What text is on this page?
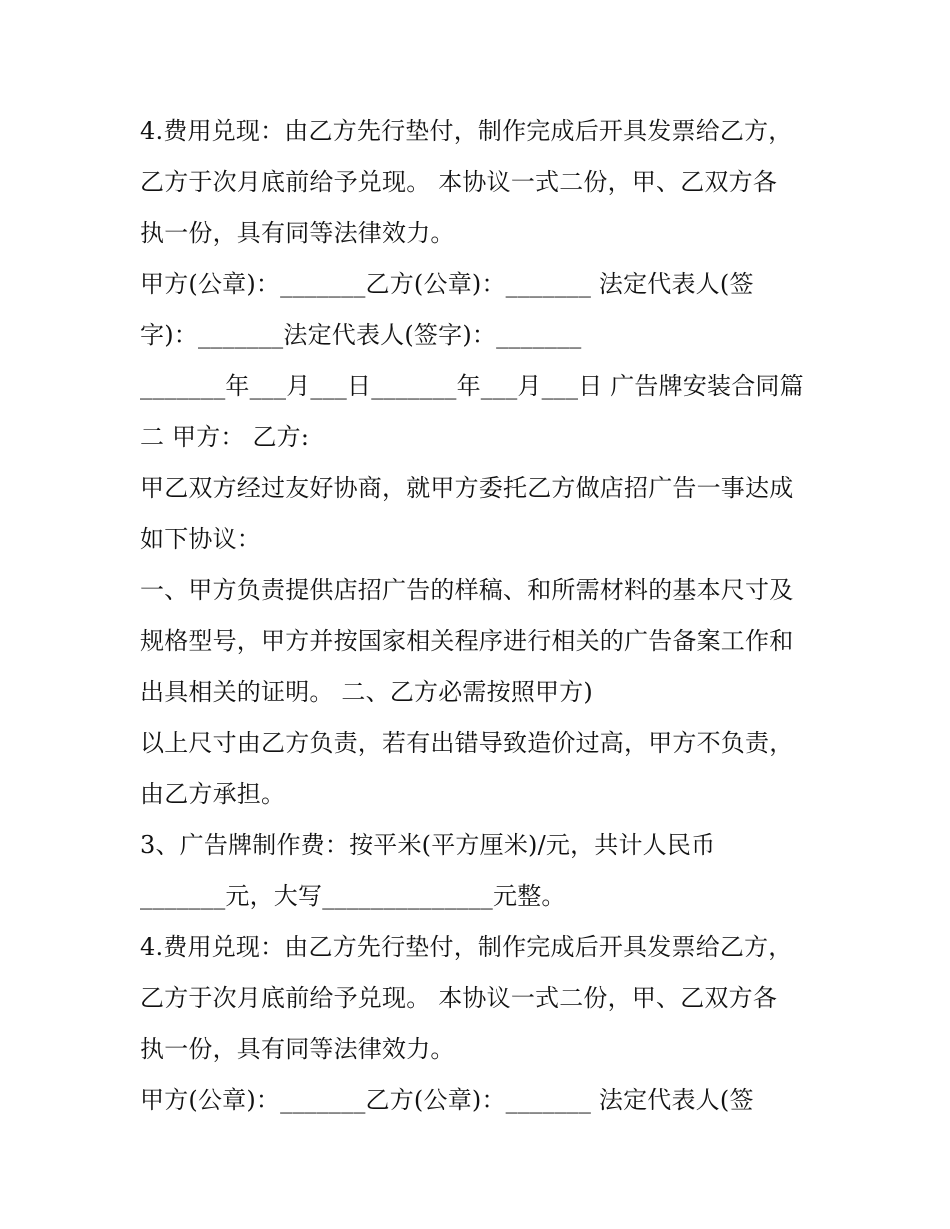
4.费用兑现：由乙方先行垫付，制作完成后开具发票给乙方，
乙方于次月底前给予兑现。 本协议一式二份，甲、乙双方各
执一份，具有同等法律效力。
甲方(公章)：_______乙方(公章)：_______ 法定代表人(签
字)：_______法定代表人(签字)：_______
_______年___月___日_______年___月___日 广告牌安装合同篇
二 甲方： 乙方:
甲乙双方经过友好协商，就甲方委托乙方做店招广告一事达成
如下协议：
一、甲方负责提供店招广告的样稿、和所需材料的基本尺寸及
规格型号，甲方并按国家相关程序进行相关的广告备案工作和
出具相关的证明。 二、乙方必需按照甲方)
以上尺寸由乙方负责，若有出错导致造价过高，甲方不负责，
由乙方承担。
3、广告牌制作费：按平米(平方厘米)/元，共计人民币
_______元，大写______________元整。
4.费用兑现：由乙方先行垫付，制作完成后开具发票给乙方，
乙方于次月底前给予兑现。 本协议一式二份，甲、乙双方各
执一份，具有同等法律效力。
甲方(公章)：_______乙方(公章)：_______ 法定代表人(签
